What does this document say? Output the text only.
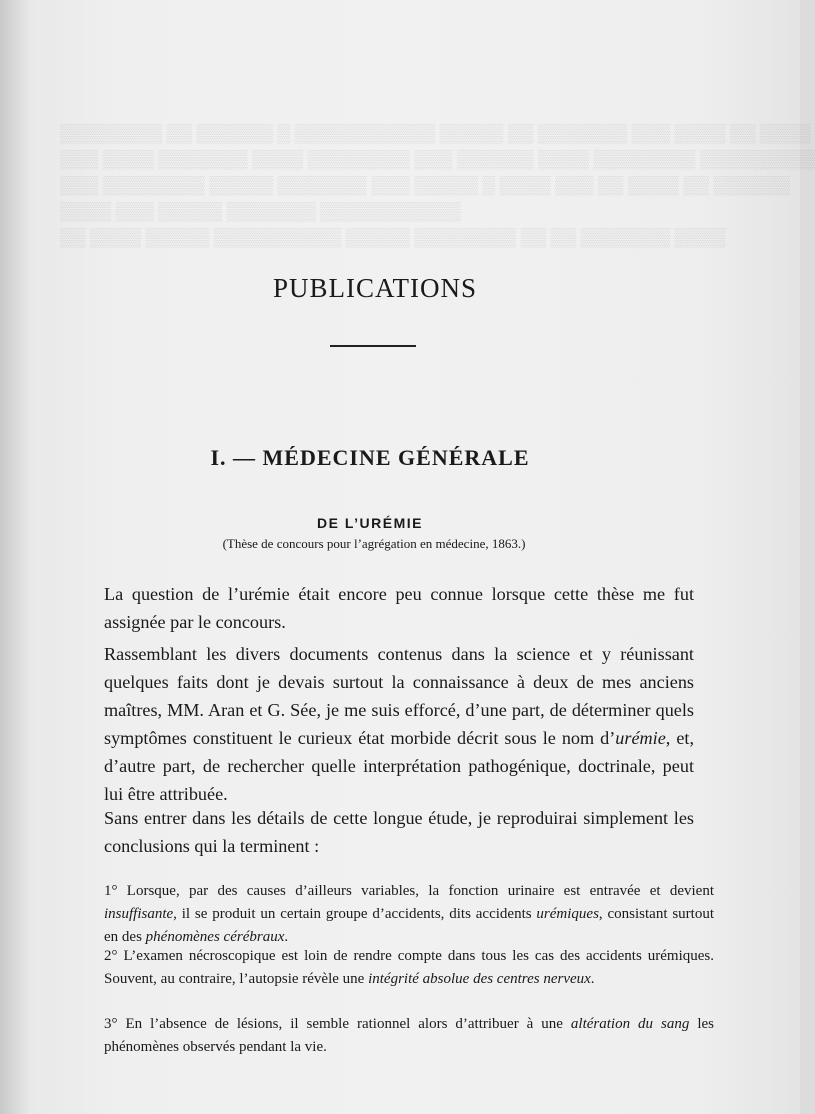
▒▒▒▒▒▒▒▒ ▒▒ ▒▒▒▒▒▒ ▒ ▒▒▒▒▒▒▒▒▒▒▒ ▒▒▒▒▒ ▒▒ ▒▒▒▒▒▒▒ ▒▒▒ ▒▒▒▒ ▒▒ ▒▒▒▒
▒▒▒ ▒▒▒▒ ▒▒▒▒▒▒▒ ▒▒▒▒ ▒▒▒▒▒▒▒▒ ▒▒▒ ▒▒▒▒▒▒ ▒▒▒▒ ▒▒▒▒▒▒▒▒ ▒▒▒▒▒▒▒▒▒
▒▒▒ ▒▒▒▒▒▒▒▒ ▒▒▒▒▒ ▒▒▒▒▒▒▒ ▒▒▒ ▒▒▒▒▒ ▒ ▒▒▒▒ ▒▒▒ ▒▒ ▒▒▒▒ ▒▒ ▒▒▒▒▒▒
▒▒▒▒ ▒▒▒ ▒▒▒▒▒ ▒▒▒▒▒▒▒ ▒▒▒▒▒▒▒▒▒▒▒
▒▒ ▒▒▒▒ ▒▒▒▒▒ ▒▒▒▒▒▒▒▒▒▒ ▒▒▒▒▒ ▒▒▒▒▒▒▒▒ ▒▒ ▒▒ ▒▒▒▒▒▒▒ ▒▒▒▒
PUBLICATIONS
I. — MÉDECINE GÉNÉRALE
DE L’URÉMIE
(Thèse de concours pour l’agrégation en médecine, 1863.)

La question de l’urémie était encore peu connue lorsque cette thèse me fut assignée par le concours.

Rassemblant les divers documents contenus dans la science et y réunissant quelques faits dont je devais surtout la connaissance à deux de mes anciens maîtres, MM. Aran et G. Sée, je me suis efforcé, d’une part, de déterminer quels symptômes constituent le curieux état morbide décrit sous le nom d’urémie, et, d’autre part, de rechercher quelle interprétation pathogénique, doctrinale, peut lui être attribuée.

Sans entrer dans les détails de cette longue étude, je reproduirai simplement les conclusions qui la terminent :

1° Lorsque, par des causes d’ailleurs variables, la fonction urinaire est entravée et devient insuffisante, il se produit un certain groupe d’accidents, dits accidents urémiques, consistant surtout en des phénomènes cérébraux.

2° L’examen nécroscopique est loin de rendre compte dans tous les cas des accidents urémiques. Souvent, au contraire, l’autopsie révèle une intégrité absolue des centres nerveux.

3° En l’absence de lésions, il semble rationnel alors d’attribuer à une altération du sang les phénomènes observés pendant la vie.
